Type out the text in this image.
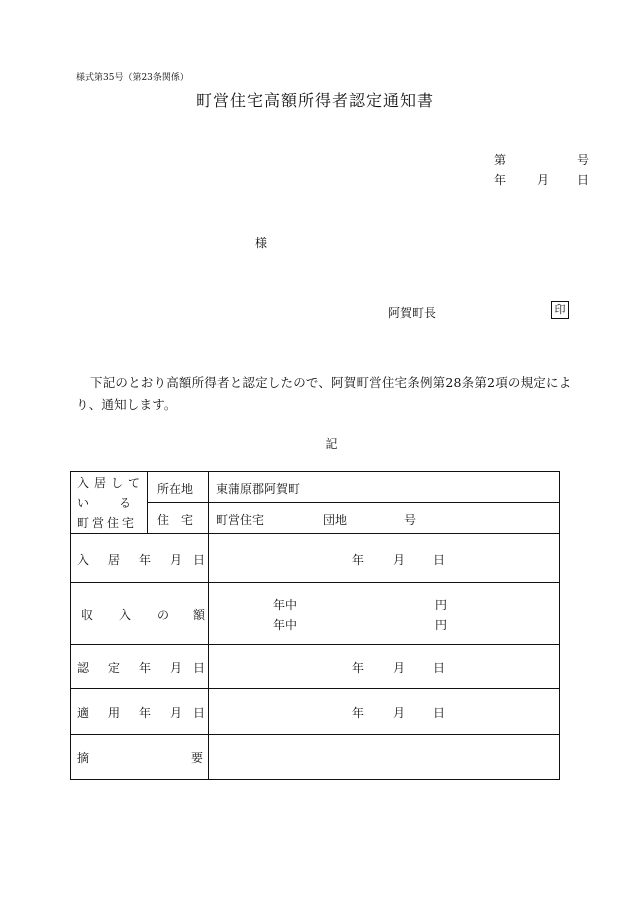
様式第35号（第23条関係）
町営住宅高額所得者認定通知書
第	号
年	月 日
様
阿賀町長	印
下記のとおり高額所得者と認定したので、阿賀町営住宅条例第28条第2項の規定により、通知します。
記
入居して
い　る
町営住宅
所在地 東蒲原郡阿賀町
住　宅 町営住宅	団地	号
入 居 年 月 日	年 月 日
収 入 の 額
年中	円
年中	円
認 定 年 月 日	年 月 日
適 用 年 月 日	年 月 日
摘	要
